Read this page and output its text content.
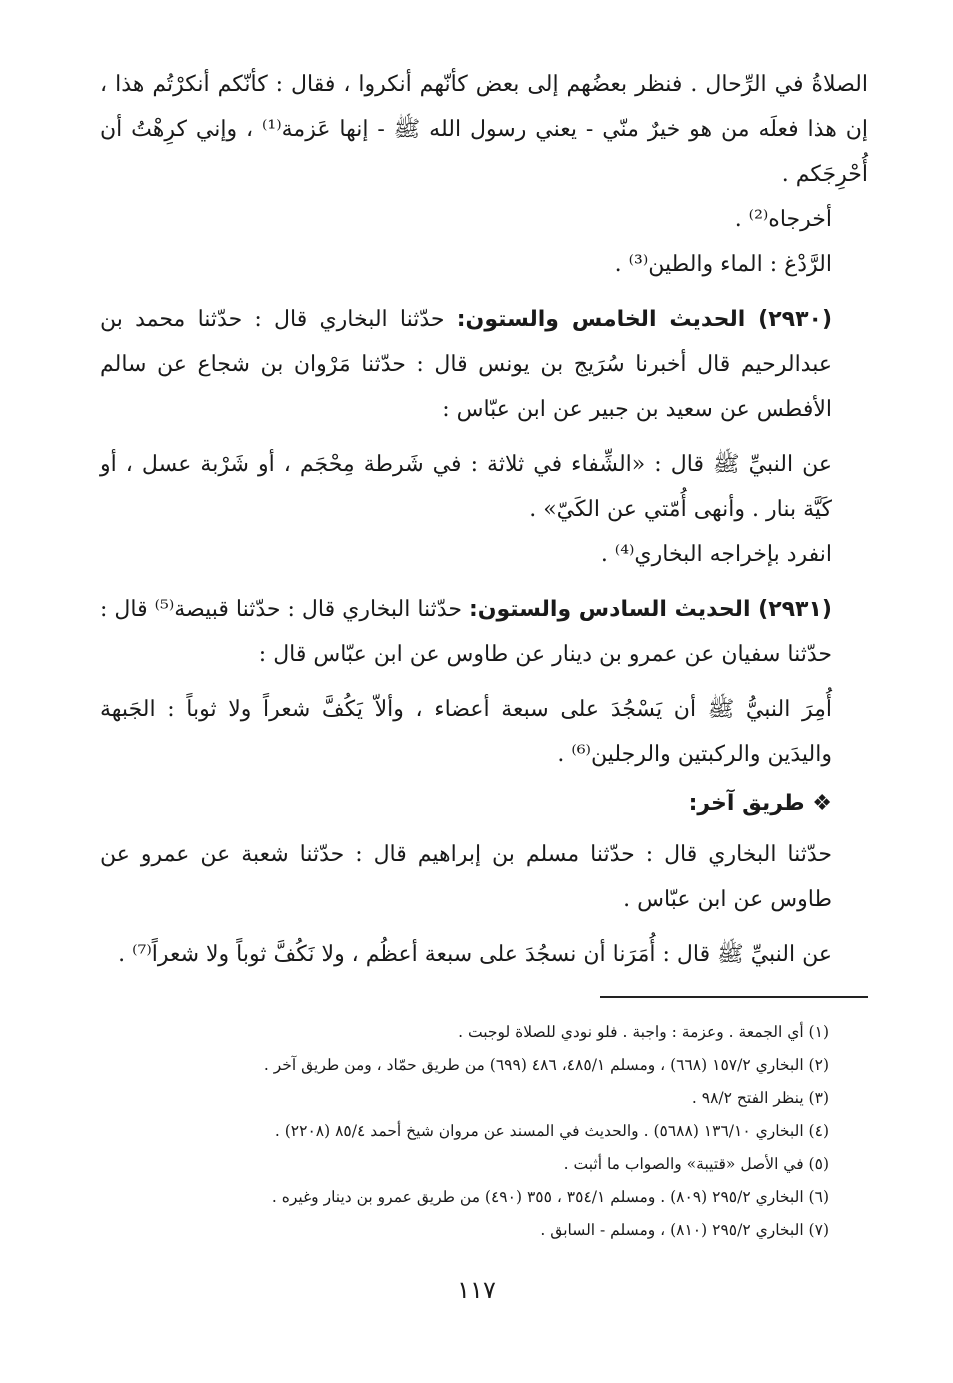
الصلاةُ في الرِّحال . فنظر بعضُهم إلى بعض كأنّهم أنكروا ، فقال : كأنّكم أنكرْتُم هذا ، إن هذا فعلَه من هو خيرٌ منّي - يعني رسول الله ﷺ - إنها عَزمة⁽¹⁾ ، وإني كرِهْتُ أن أُحْرِجَكم .

أخرجاه⁽²⁾ .

الرَّدْغ : الماء والطين⁽³⁾ .

(٢٩٣٠) الحديث الخامس والستون: حدّثنا البخاري قال : حدّثنا محمد بن عبدالرحيم قال أخبرنا سُرَيج بن يونس قال : حدّثنا مَرْوان بن شجاع عن سالم الأفطس عن سعيد بن جبير عن ابن عبّاس :

عن النبيِّ ﷺ قال : «الشِّفاء في ثلاثة : في شَرطة مِحْجَم ، أو شَرْبة عسل ، أو كَيَّة بنار . وأنهى أُمّتي عن الكَيّ» .

انفرد بإخراجه البخاري⁽⁴⁾ .

(٢٩٣١) الحديث السادس والستون: حدّثنا البخاري قال : حدّثنا قبيصة⁽⁵⁾ قال : حدّثنا سفيان عن عمرو بن دينار عن طاوس عن ابن عبّاس قال :

أُمِرَ النبيُّ ﷺ أن يَسْجُدَ على سبعة أعضاء ، وألاّ يَكُفَّ شعراً ولا ثوباً : الجَبهة واليدَين والركبتين والرجلين⁽⁶⁾ .

❖ طريق آخر:

حدّثنا البخاري قال : حدّثنا مسلم بن إبراهيم قال : حدّثنا شعبة عن عمرو عن طاوس عن ابن عبّاس .

عن النبيِّ ﷺ قال : أُمَرَنا أن نسجُدَ على سبعة أعظُم ، ولا نَكُفَّ ثوباً ولا شعراً⁽⁷⁾ .

(١) أي الجمعة . وعزمة : واجبة . فلو نودي للصلاة لوجبت .

(٢) البخاري ١٥٧/٢ (٦٦٨) ، ومسلم ٤٨٥/١، ٤٨٦ (٦٩٩) من طريق حمّاد ، ومن طريق آخر .

(٣) ينظر الفتح ٩٨/٢ .

(٤) البخاري ١٣٦/١٠ (٥٦٨٨) . والحديث في المسند عن مروان شيخ أحمد ٨٥/٤ (٢٢٠٨) .

(٥) في الأصل «قتيبة» والصواب ما أثبت .

(٦) البخاري ٢٩٥/٢ (٨٠٩) . ومسلم ٣٥٤/١ ، ٣٥٥ (٤٩٠) من طريق عمرو بن دينار وغيره .

(٧) البخاري ٢٩٥/٢ (٨١٠) ، ومسلم - السابق .

١١٧
